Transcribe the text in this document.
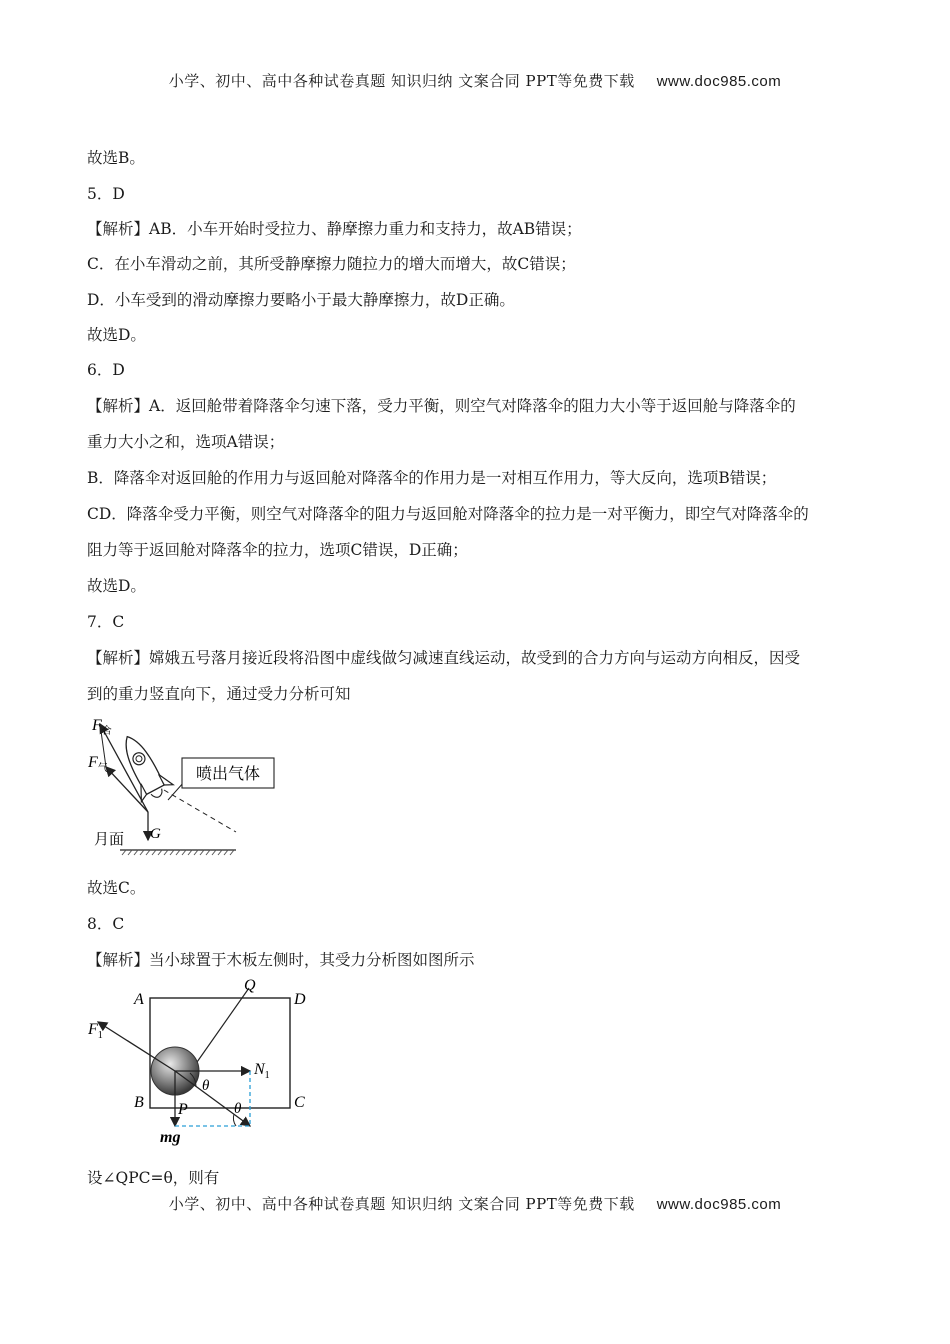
小学、初中、高中各种试卷真题 知识归纳 文案合同 PPT等免费下载 www.doc985.com
故选B。
5．D
【解析】AB．小车开始时受拉力、静摩擦力重力和支持力，故AB错误；
C．在小车滑动之前，其所受静摩擦力随拉力的增大而增大，故C错误；
D．小车受到的滑动摩擦力要略小于最大静摩擦力，故D正确。
故选D。
6．D
【解析】A．返回舱带着降落伞匀速下落，受力平衡，则空气对降落伞的阻力大小等于返回舱与降落伞的
重力大小之和，选项A错误；
B．降落伞对返回舱的作用力与返回舱对降落伞的作用力是一对相互作用力，等大反向，选项B错误；
CD．降落伞受力平衡，则空气对降落伞的阻力与返回舱对降落伞的拉力是一对平衡力，即空气对降落伞的
阻力等于返回舱对降落伞的拉力，选项C错误，D正确；
故选D。
7．C
【解析】嫦娥五号落月接近段将沿图中虚线做匀减速直线运动，故受到的合力方向与运动方向相反，因受
到的重力竖直向下，通过受力分析可知
喷出气体
$F_合$
$F_气$
G
月面
故选C。
8．C
【解析】当小球置于木板左侧时，其受力分析图如图所示
A	D
B	C
Q
P
$F_1$
$N_1$
θ
θ
mg
设∠QPC=θ，则有
小学、初中、高中各种试卷真题 知识归纳 文案合同 PPT等免费下载 www.doc985.com
